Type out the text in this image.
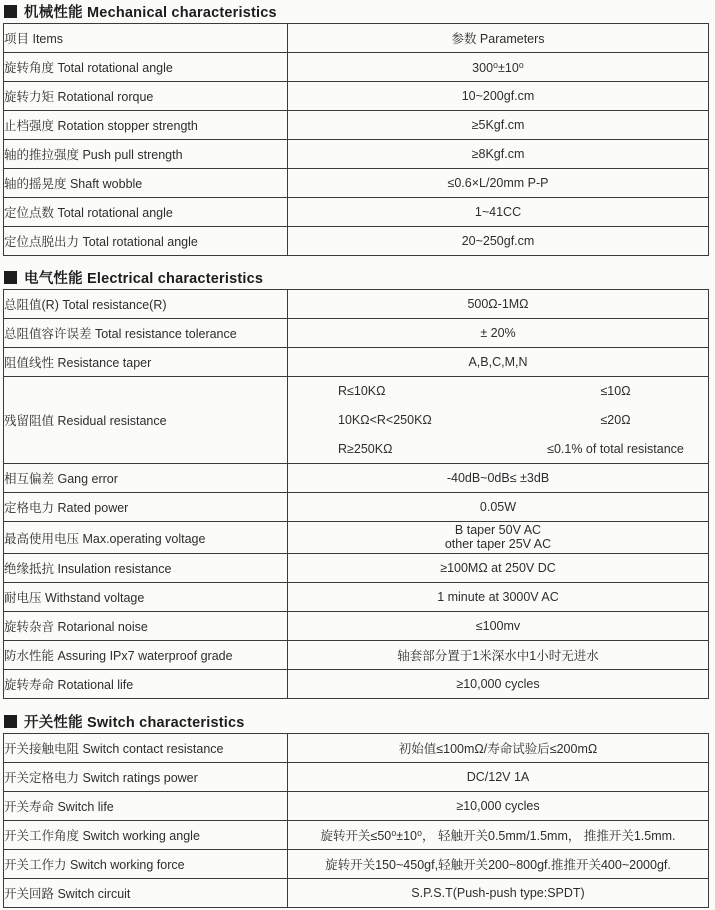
机械性能 Mechanical characteristics
项目 Items	参数 Parameters
旋转角度 Total rotational angle	300⁰±10⁰
旋转力矩 Rotational rorque	10~200gf.cm
止档强度 Rotation stopper strength	≥5Kgf.cm
轴的推拉强度 Push pull strength	≥8Kgf.cm
轴的摇晃度 Shaft wobble	≤0.6×L/20mm P-P
定位点数 Total rotational angle	1~41CC
定位点脱出力 Total rotational angle	20~250gf.cm
电气性能 Electrical characteristics
总阻值(R) Total resistance(R)	500Ω-1MΩ
总阻值容许误差 Total resistance tolerance	± 20%
阻值线性 Resistance taper	A,B,C,M,N
残留阻值 Residual resistance	
R≤10KΩ	≤10Ω
10KΩ<R<250KΩ	≤20Ω
R≥250KΩ	≤0.1% of total resistance

相互偏差 Gang error	-40dB~0dB≤ ±3dB
定格电力 Rated power	0.05W
最高使用电压 Max.operating voltage	B taper 50V AC
other taper 25V AC

绝缘抵抗 Insulation resistance	≥100MΩ at 250V DC
耐电压 Withstand voltage	1 minute at 3000V AC
旋转杂音 Rotarional noise	≤100mv
防水性能 Assuring IPx7 waterproof grade	轴套部分置于1米深水中1小时无进水
旋转寿命 Rotational life	≥10,000 cycles
开关性能 Switch characteristics
开关接触电阻 Switch contact resistance	初始值≤100mΩ/寿命试验后≤200mΩ
开关定格电力 Switch ratings power	DC/12V 1A
开关寿命 Switch life	≥10,000 cycles
开关工作角度 Switch working angle	旋转开关≤50⁰±10⁰， 轻触开关0.5mm/1.5mm， 推推开关1.5mm.
开关工作力 Switch working force	旋转开关150~450gf,轻触开关200~800gf.推推开关400~2000gf.
开关回路 Switch circuit	S.P.S.T(Push-push type:SPDT)
